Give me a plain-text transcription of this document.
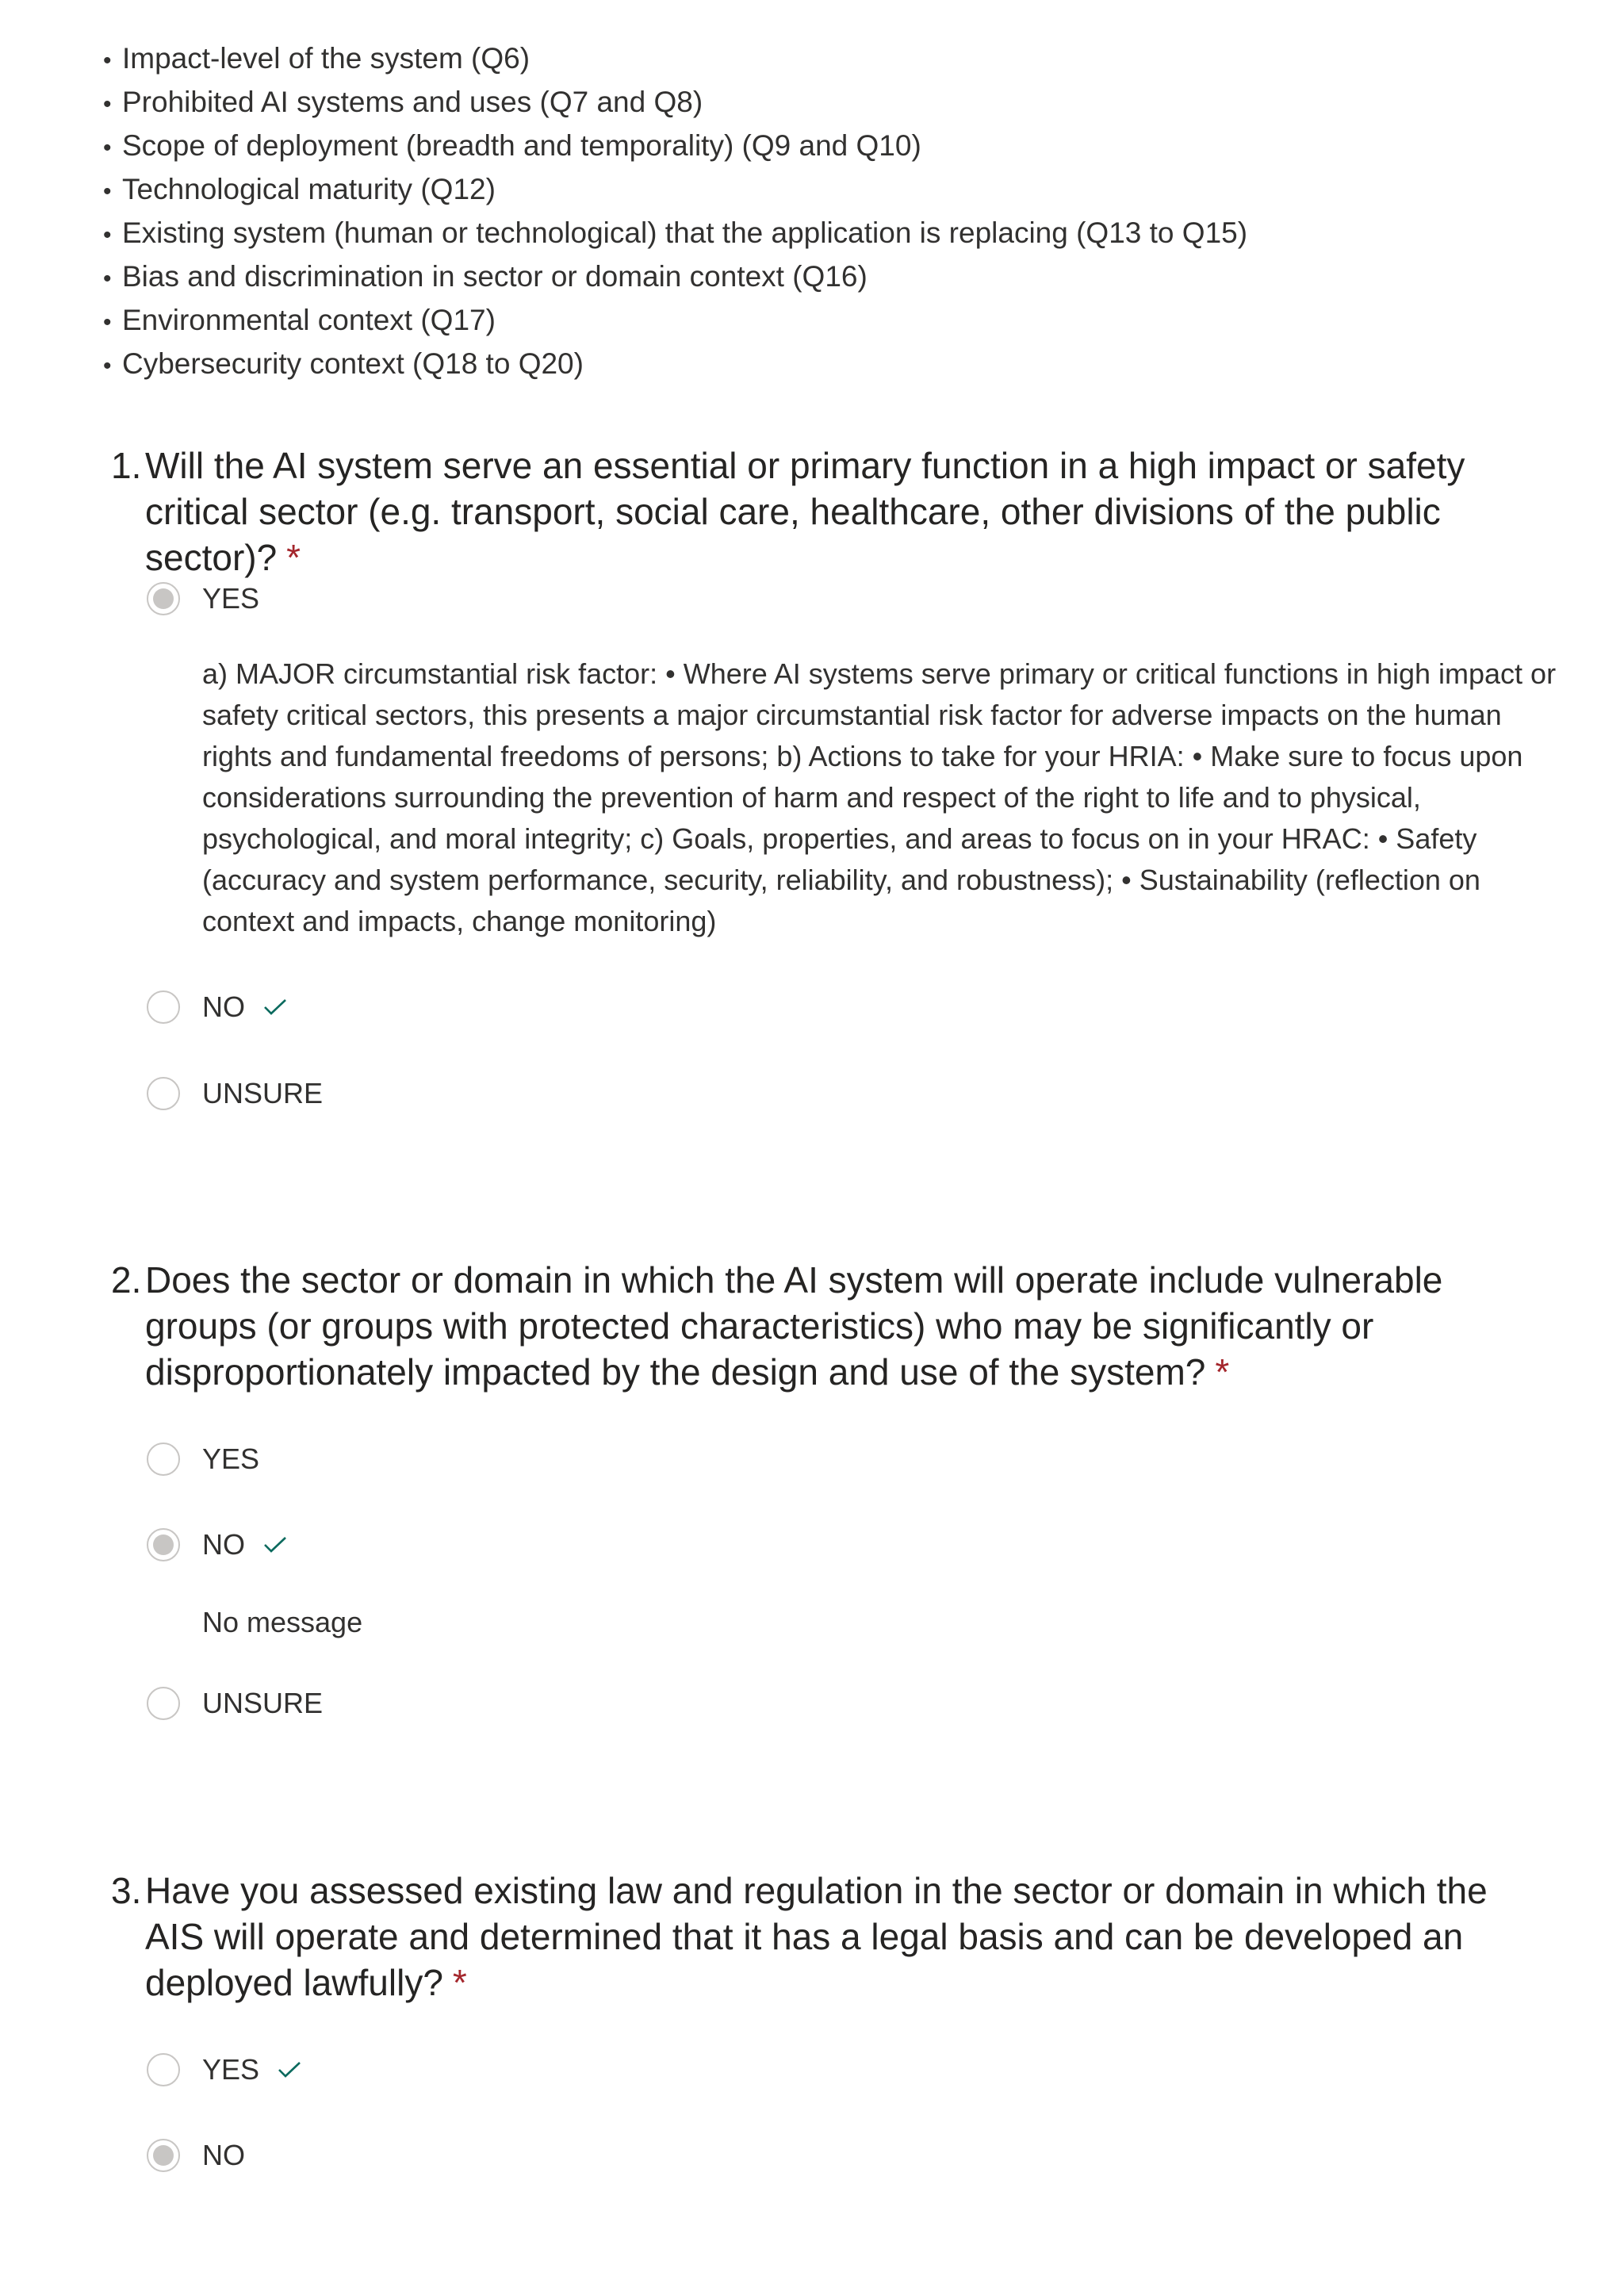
• Impact-level of the system (Q6)
• Prohibited AI systems and uses (Q7 and Q8)
• Scope of deployment (breadth and temporality) (Q9 and Q10)
• Technological maturity (Q12)
• Existing system (human or technological) that the application is replacing (Q13 to Q15)
• Bias and discrimination in sector or domain context (Q16)
• Environmental context (Q17)
• Cybersecurity context (Q18 to Q20)
1. Will the AI system serve an essential or primary function in a high impact or safety critical sector (e.g. transport, social care, healthcare, other divisions of the public sector)? *
YES
a) MAJOR circumstantial risk factor: • Where AI systems serve primary or critical functions in high impact or safety critical sectors, this presents a major circumstantial risk factor for adverse impacts on the human rights and fundamental freedoms of persons; b) Actions to take for your HRIA: • Make sure to focus upon considerations surrounding the prevention of harm and respect of the right to life and to physical, psychological, and moral integrity; c) Goals, properties, and areas to focus on in your HRAC: • Safety (accuracy and system performance, security, reliability, and robustness); • Sustainability (reflection on context and impacts, change monitoring)
NO
UNSURE
2. Does the sector or domain in which the AI system will operate include vulnerable groups (or groups with protected characteristics) who may be significantly or disproportionately impacted by the design and use of the system? *
YES
NO
No message
UNSURE
3. Have you assessed existing law and regulation in the sector or domain in which the AIS will operate and determined that it has a legal basis and can be developed an deployed lawfully? *
YES
NO
